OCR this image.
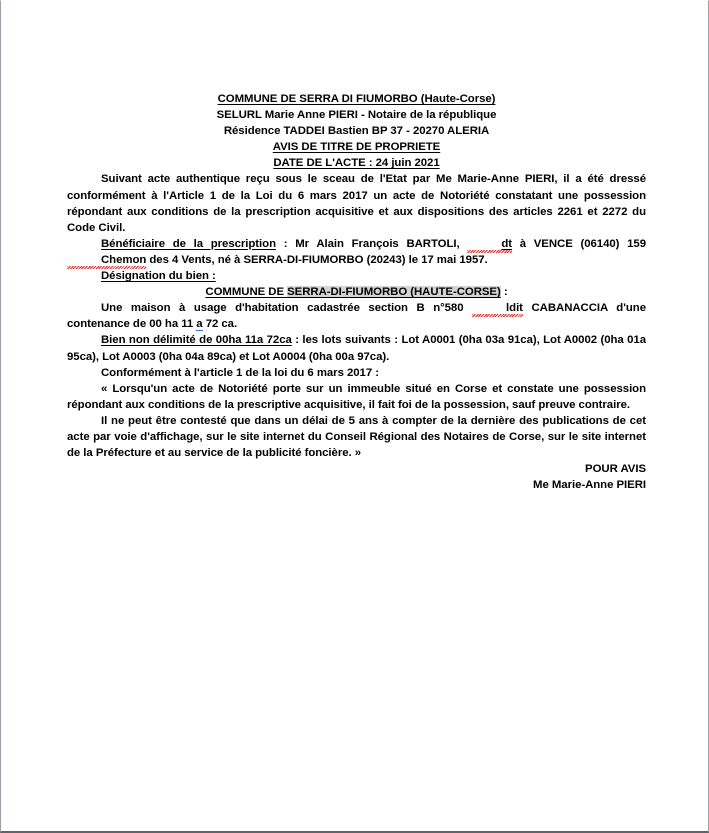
COMMUNE DE SERRA DI FIUMORBO (Haute-Corse)
SELURL Marie Anne PIERI - Notaire de la république
Résidence TADDEI Bastien BP 37 - 20270 ALERIA
AVIS DE TITRE DE PROPRIETE
DATE DE L'ACTE : 24 juin 2021

Suivant acte authentique reçu sous le sceau de l'Etat par Me Marie-Anne PIERI, il a été dressé conformément à l'Article 1 de la Loi du 6 mars 2017 un acte de Notoriété constatant une possession répondant aux conditions de la prescription acquisitive et aux dispositions des articles 2261 et 2272 du Code Civil.

Bénéficiaire de la prescription : Mr Alain François BARTOLI,	dt à VENCE (06140) 159 Chemon des 4 Vents, né à SERRA-DI-FIUMORBO (20243) le 17 mai 1957.

Désignation du bien :

COMMUNE DE SERRA-DI-FIUMORBO (HAUTE-CORSE) :

Une maison à usage d'habitation cadastrée section B n°580	ldit CABANACCIA d'une contenance de 00 ha 11 a 72 ca.

Bien non délimité de 00ha 11a 72ca : les lots suivants : Lot A0001 (0ha 03a 91ca), Lot A0002 (0ha 01a 95ca), Lot A0003 (0ha 04a 89ca) et Lot A0004 (0ha 00a 97ca).

Conformément à l'article 1 de la loi du 6 mars 2017 :

« Lorsqu'un acte de Notoriété porte sur un immeuble situé en Corse et constate une possession répondant aux conditions de la prescriptive acquisitive, il fait foi de la possession, sauf preuve contraire.

Il ne peut être contesté que dans un délai de 5 ans à compter de la dernière des publications de cet acte par voie d'affichage, sur le site internet du Conseil Régional des Notaires de Corse, sur le site internet de la Préfecture et au service de la publicité foncière. »

POUR AVIS
Me Marie-Anne PIERI
